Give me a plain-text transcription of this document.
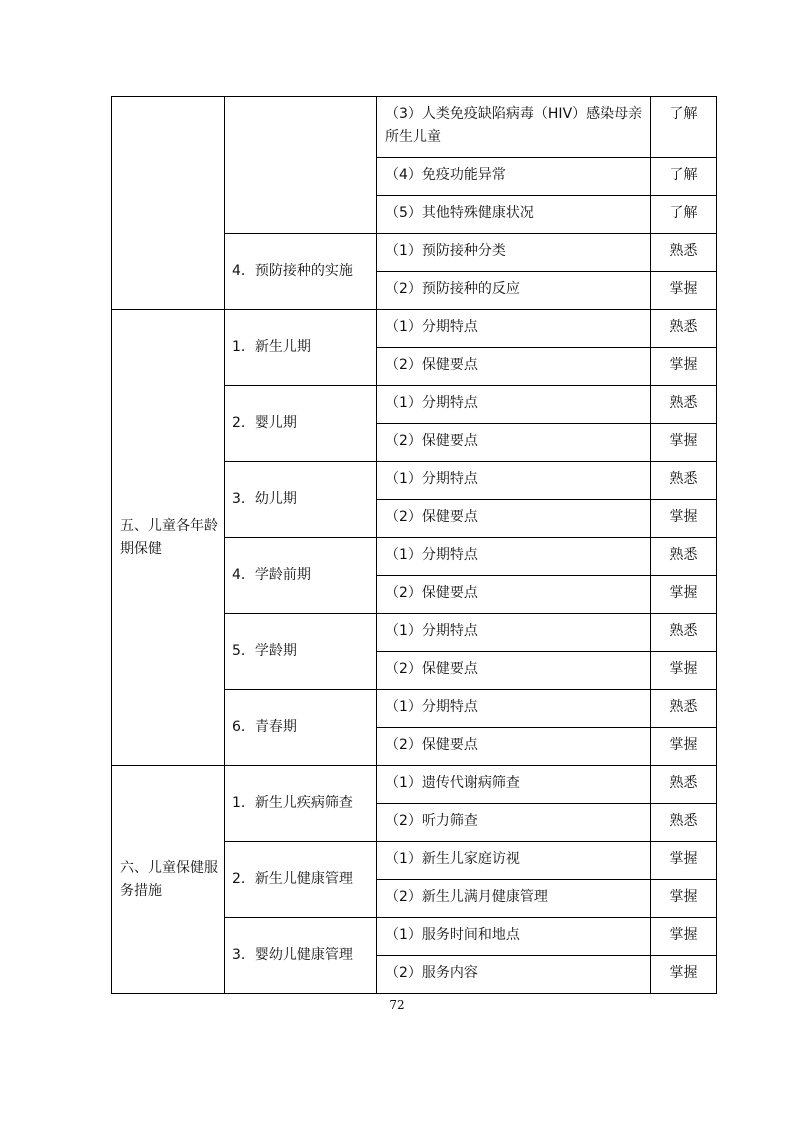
		（3）人类免疫缺陷病毒（HIV）感染母亲所生儿童	了解
		（4）免疫功能异常	了解
		（5）其他特殊健康状况	了解
	4．预防接种的实施	（1）预防接种分类	熟悉
		（2）预防接种的反应	掌握
五、儿童各年龄期保健	1．新生儿期	（1）分期特点	熟悉
		（2）保健要点	掌握
	2．婴儿期	（1）分期特点	熟悉
		（2）保健要点	掌握
	3．幼儿期	（1）分期特点	熟悉
		（2）保健要点	掌握
	4．学龄前期	（1）分期特点	熟悉
		（2）保健要点	掌握
	5．学龄期	（1）分期特点	熟悉
		（2）保健要点	掌握
	6．青春期	（1）分期特点	熟悉
		（2）保健要点	掌握
六、儿童保健服务措施	1．新生儿疾病筛查	（1）遗传代谢病筛查	熟悉
		（2）听力筛查	熟悉
	2．新生儿健康管理	（1）新生儿家庭访视	掌握
		（2）新生儿满月健康管理	掌握
	3．婴幼儿健康管理	（1）服务时间和地点	掌握
		（2）服务内容	掌握
72
